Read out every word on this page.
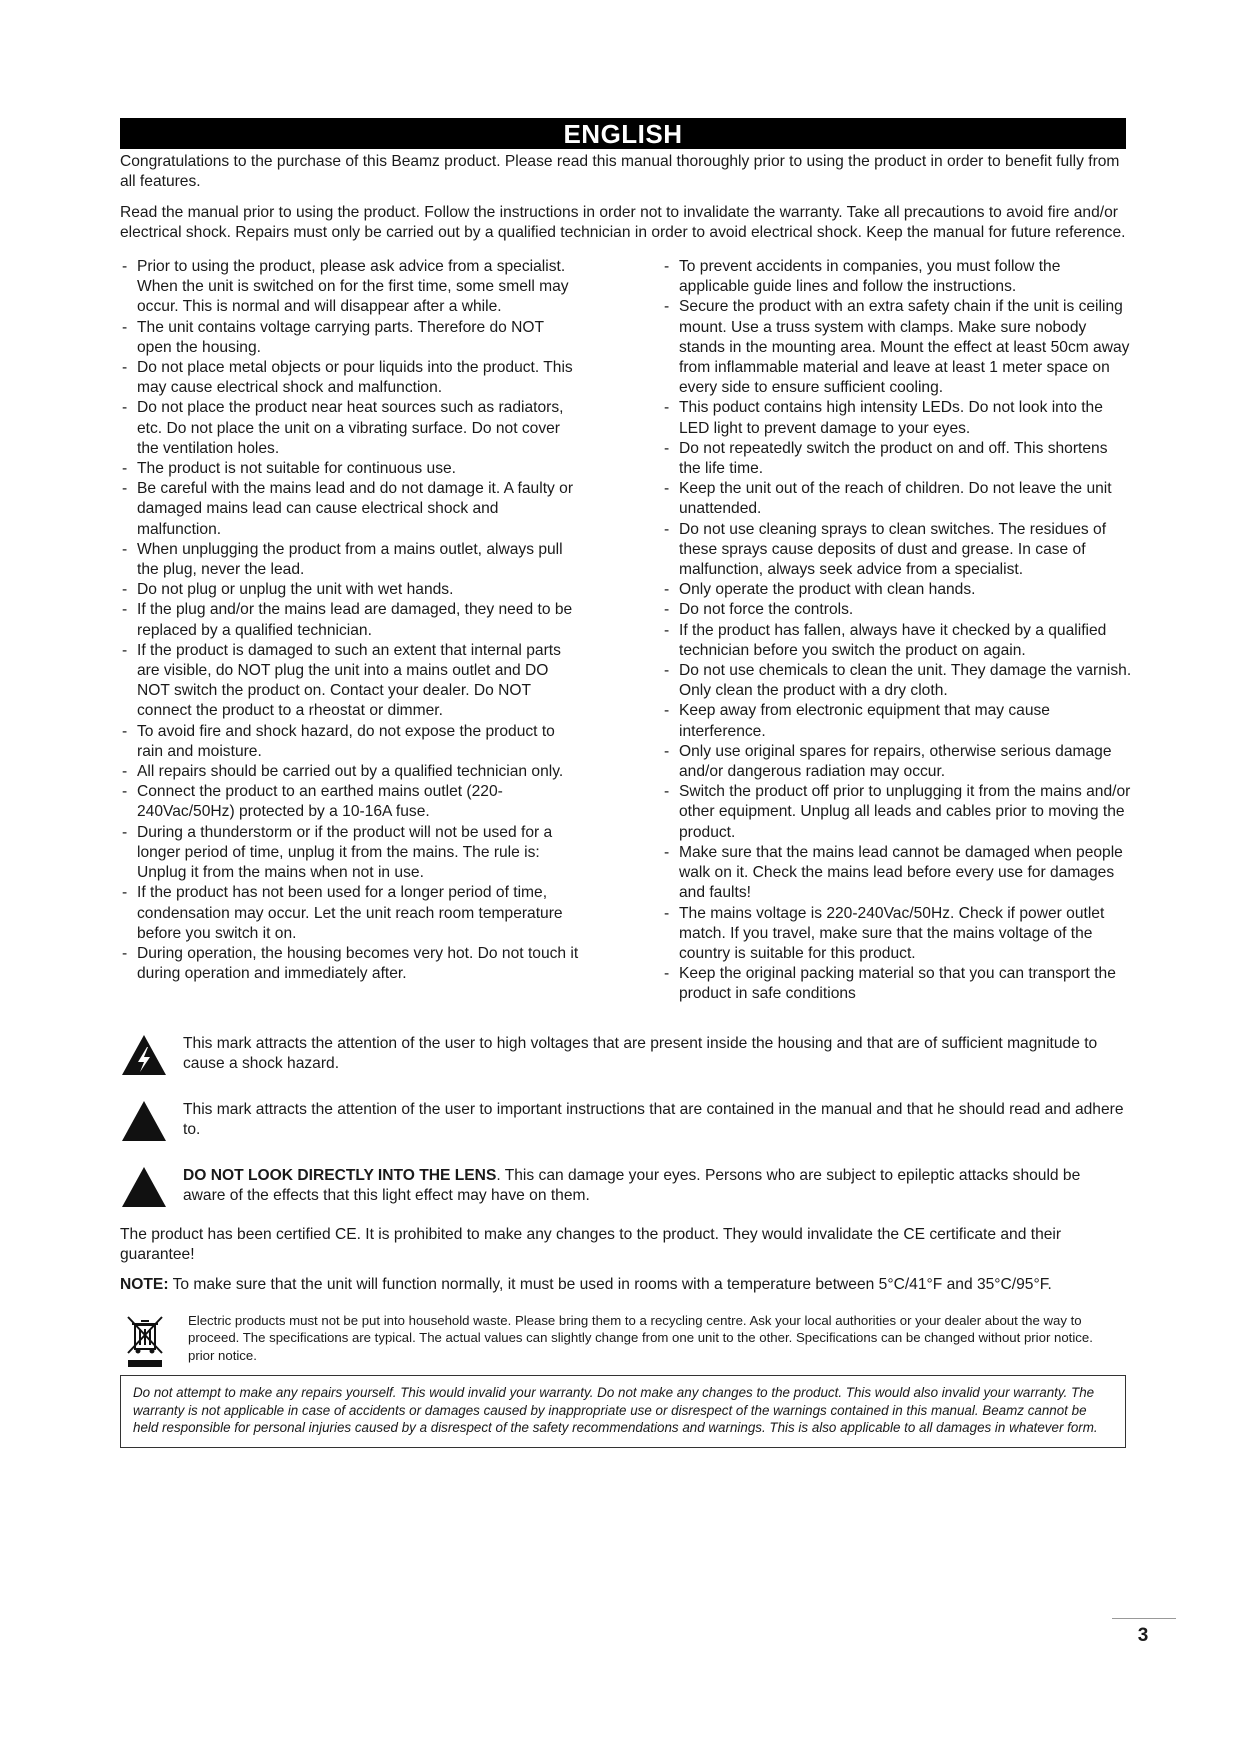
ENGLISH

Congratulations to the purchase of this Beamz product. Please read this manual thoroughly prior to using the product in order to benefit fully from all features.

Read the manual prior to using the product. Follow the instructions in order not to invalidate the warranty. Take all precautions to avoid fire and/or electrical shock. Repairs must only be carried out by a qualified technician in order to avoid electrical shock. Keep the manual for future reference.

- Prior to using the product, please ask advice from a specialist. When the unit is switched on for the first time, some smell may occur. This is normal and will disappear after a while.
- The unit contains voltage carrying parts. Therefore do NOT open the housing.
- Do not place metal objects or pour liquids into the product. This may cause electrical shock and malfunction.
- Do not place the product near heat sources such as radiators, etc. Do not place the unit on a vibrating surface. Do not cover the ventilation holes.
- The product is not suitable for continuous use.
- Be careful with the mains lead and do not damage it. A faulty or damaged mains lead can cause electrical shock and malfunction.
- When unplugging the product from a mains outlet, always pull the plug, never the lead.
- Do not plug or unplug the unit with wet hands.
- If the plug and/or the mains lead are damaged, they need to be replaced by a qualified technician.
- If the product is damaged to such an extent that internal parts are visible, do NOT plug the unit into a mains outlet and DO NOT switch the product on. Contact your dealer. Do NOT connect the product to a rheostat or dimmer.
- To avoid fire and shock hazard, do not expose the product to rain and moisture.
- All repairs should be carried out by a qualified technician only.
- Connect the product to an earthed mains outlet (220-240Vac/50Hz) protected by a 10-16A fuse.
- During a thunderstorm or if the product will not be used for a longer period of time, unplug it from the mains. The rule is: Unplug it from the mains when not in use.
- If the product has not been used for a longer period of time, condensation may occur. Let the unit reach room temperature before you switch it on.
- During operation, the housing becomes very hot. Do not touch it during operation and immediately after.
- To prevent accidents in companies, you must follow the applicable guide lines and follow the instructions.
- Secure the product with an extra safety chain if the unit is ceiling mount. Use a truss system with clamps. Make sure nobody stands in the mounting area. Mount the effect at least 50cm away from inflammable material and leave at least 1 meter space on every side to ensure sufficient cooling.
- This poduct contains high intensity LEDs. Do not look into the LED light to prevent damage to your eyes.
- Do not repeatedly switch the product on and off. This shortens the life time.
- Keep the unit out of the reach of children. Do not leave the unit unattended.
- Do not use cleaning sprays to clean switches. The residues of these sprays cause deposits of dust and grease. In case of malfunction, always seek advice from a specialist.
- Only operate the product with clean hands.
- Do not force the controls.
- If the product has fallen, always have it checked by a qualified technician before you switch the product on again.
- Do not use chemicals to clean the unit. They damage the varnish. Only clean the product with a dry cloth.
- Keep away from electronic equipment that may cause interference.
- Only use original spares for repairs, otherwise serious damage and/or dangerous radiation may occur.
- Switch the product off prior to unplugging it from the mains and/or other equipment. Unplug all leads and cables prior to moving the product.
- Make sure that the mains lead cannot be damaged when people walk on it. Check the mains lead before every use for damages and faults!
- The mains voltage is 220-240Vac/50Hz. Check if power outlet match. If you travel, make sure that the mains voltage of the country is suitable for this product.
- Keep the original packing material so that you can transport the product in safe conditions

This mark attracts the attention of the user to high voltages that are present inside the housing and that are of sufficient magnitude to cause a shock hazard.

This mark attracts the attention of the user to important instructions that are contained in the manual and that he should read and adhere to.

DO NOT LOOK DIRECTLY INTO THE LENS. This can damage your eyes. Persons who are subject to epileptic attacks should be aware of the effects that this light effect may have on them.

The product has been certified CE. It is prohibited to make any changes to the product. They would invalidate the CE certificate and their guarantee!

NOTE: To make sure that the unit will function normally, it must be used in rooms with a temperature between 5°C/41°F and 35°C/95°F.

Electric products must not be put into household waste. Please bring them to a recycling centre. Ask your local authorities or your dealer about the way to proceed. The specifications are typical. The actual values can slightly change from one unit to the other. Specifications can be changed without prior notice.

prior notice.

Do not attempt to make any repairs yourself. This would invalid your warranty. Do not make any changes to the product. This would also invalid your warranty. The warranty is not applicable in case of accidents or damages caused by inappropriate use or disrespect of the warnings contained in this manual. Beamz cannot be held responsible for personal injuries caused by a disrespect of the safety recommendations and warnings. This is also applicable to all damages in whatever form.

3
